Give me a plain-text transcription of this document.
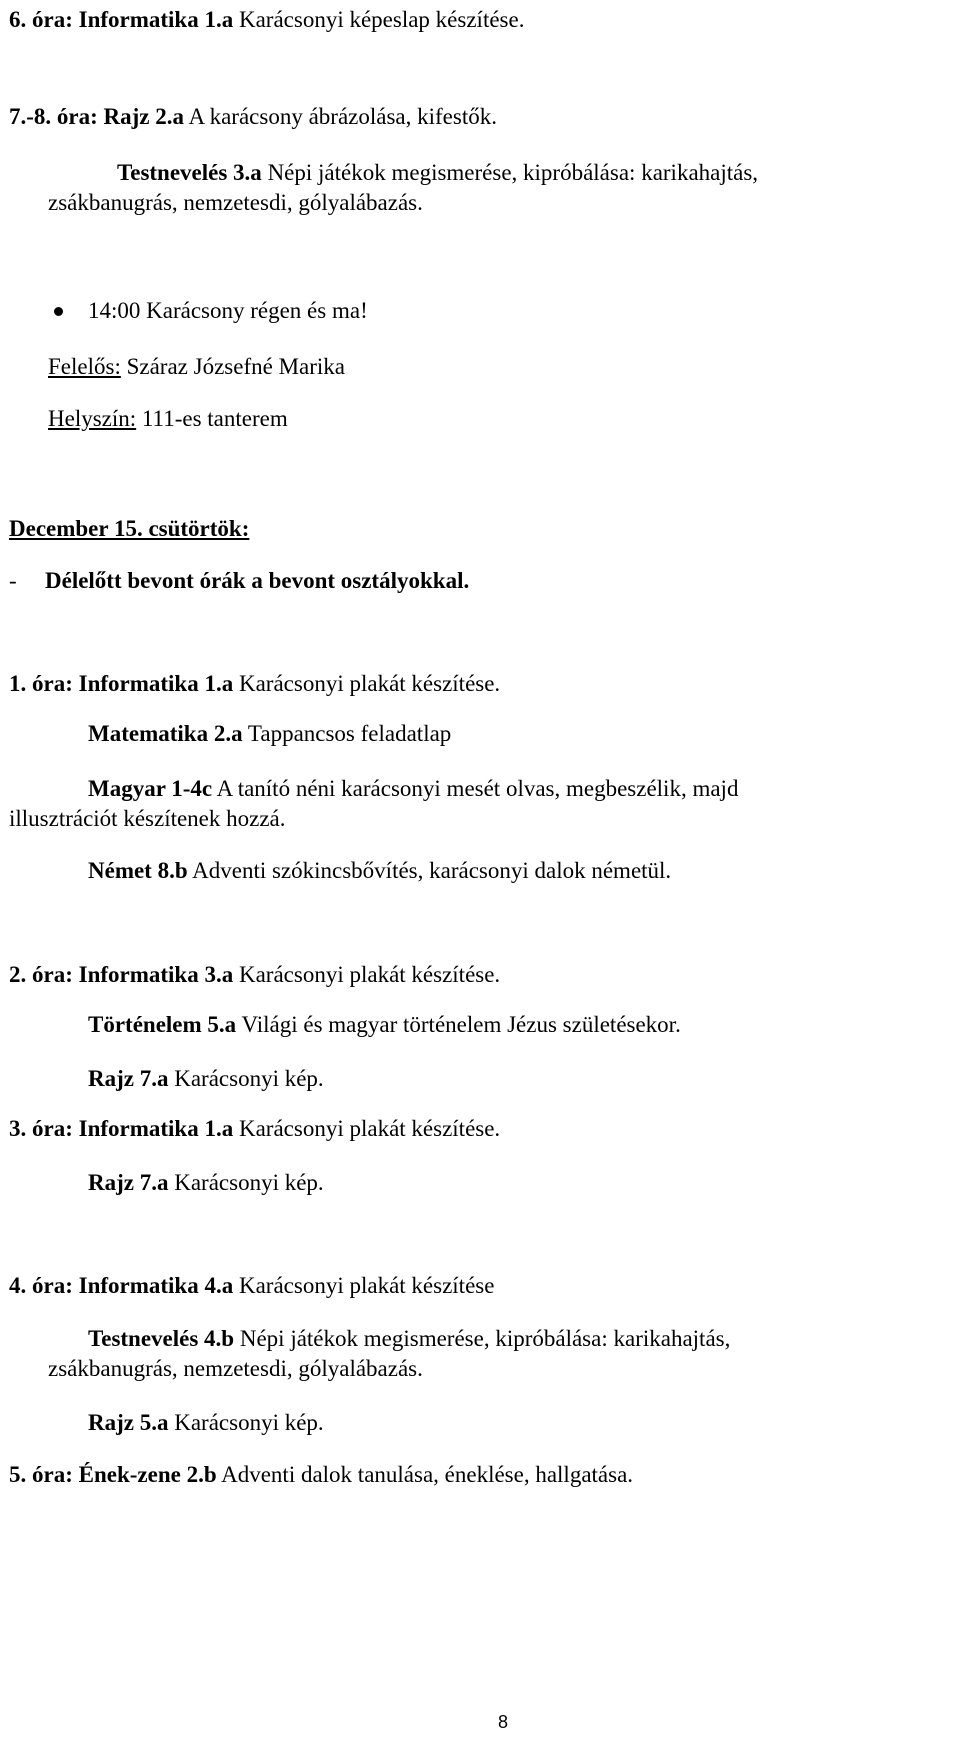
6. óra: Informatika 1.a Karácsonyi képeslap készítése.
7.-8. óra: Rajz 2.a A karácsony ábrázolása, kifestők.
Testnevelés 3.a Népi játékok megismerése, kipróbálása: karikahajtás,
zsákbanugrás, nemzetesdi, gólyalábazás.
14:00 Karácsony régen és ma!
Felelős: Száraz Józsefné Marika
Helyszín: 111-es tanterem
December 15. csütörtök:
- Délelőtt bevont órák a bevont osztályokkal.
1. óra: Informatika 1.a Karácsonyi plakát készítése.
Matematika 2.a Tappancsos feladatlap
Magyar 1-4c A tanító néni karácsonyi mesét olvas, megbeszélik, majd
illusztrációt készítenek hozzá.
Német 8.b Adventi szókincsbővítés, karácsonyi dalok németül.
2. óra: Informatika 3.a Karácsonyi plakát készítése.
Történelem 5.a Világi és magyar történelem Jézus születésekor.
Rajz 7.a Karácsonyi kép.
3. óra: Informatika 1.a Karácsonyi plakát készítése.
Rajz 7.a Karácsonyi kép.
4. óra: Informatika 4.a Karácsonyi plakát készítése
Testnevelés 4.b Népi játékok megismerése, kipróbálása: karikahajtás,
zsákbanugrás, nemzetesdi, gólyalábazás.
Rajz 5.a Karácsonyi kép.
5. óra: Ének-zene 2.b Adventi dalok tanulása, éneklése, hallgatása.
8
